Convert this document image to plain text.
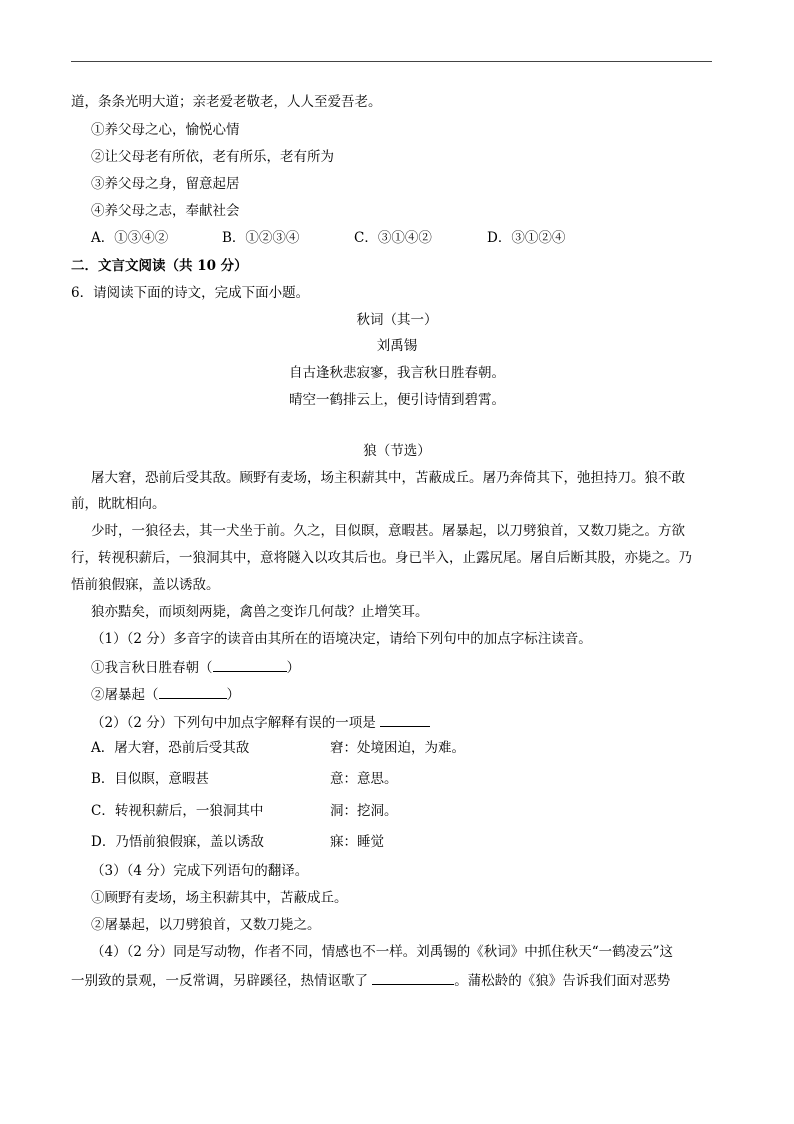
道，条条光明大道；亲老爱老敬老，人人至爱吾老。
①养父母之心，愉悦心情
②让父母老有所依，老有所乐，老有所为
③养父母之身，留意起居
④养父母之志，奉献社会
A．①③④②	B．①②③④	C．③①④②	D．③①②④
二．文言文阅读（共 10 分）
6．请阅读下面的诗文，完成下面小题。
秋词（其一）
刘禹锡
自古逢秋悲寂寥，我言秋日胜春朝。
晴空一鹤排云上，便引诗情到碧霄。
狼（节选）
屠大窘，恐前后受其敌。顾野有麦场，场主积薪其中，苫蔽成丘。屠乃奔倚其下，弛担持刀。狼不敢
前，眈眈相向。
少时，一狼径去，其一犬坐于前。久之，目似瞑，意暇甚。屠暴起，以刀劈狼首，又数刀毙之。方欲
行，转视积薪后，一狼洞其中，意将隧入以攻其后也。身已半入，止露尻尾。屠自后断其股，亦毙之。乃
悟前狼假寐，盖以诱敌。
狼亦黠矣，而顷刻两毙，禽兽之变诈几何哉？止增笑耳。
（1）（2 分）多音字的读音由其所在的语境决定，请给下列句中的加点字标注读音。
①我言秋日胜春朝（	）
②屠暴起（	）
（2）（2 分）下列句中加点字解释有误的一项是
A．屠大窘，恐前后受其敌	窘：处境困迫，为难。
B．目似瞑，意暇甚	意：意思。
C．转视积薪后，一狼洞其中	洞：挖洞。
D．乃悟前狼假寐，盖以诱敌	寐：睡觉
（3）（4 分）完成下列语句的翻译。
①顾野有麦场，场主积薪其中，苫蔽成丘。
②屠暴起，以刀劈狼首，又数刀毙之。
（4）（2 分）同是写动物，作者不同，情感也不一样。刘禹锡的《秋词》中抓住秋天“一鹤凌云”这
一别致的景观，一反常调，另辟蹊径，热情讴歌了	。蒲松龄的《狼》告诉我们面对恶势
